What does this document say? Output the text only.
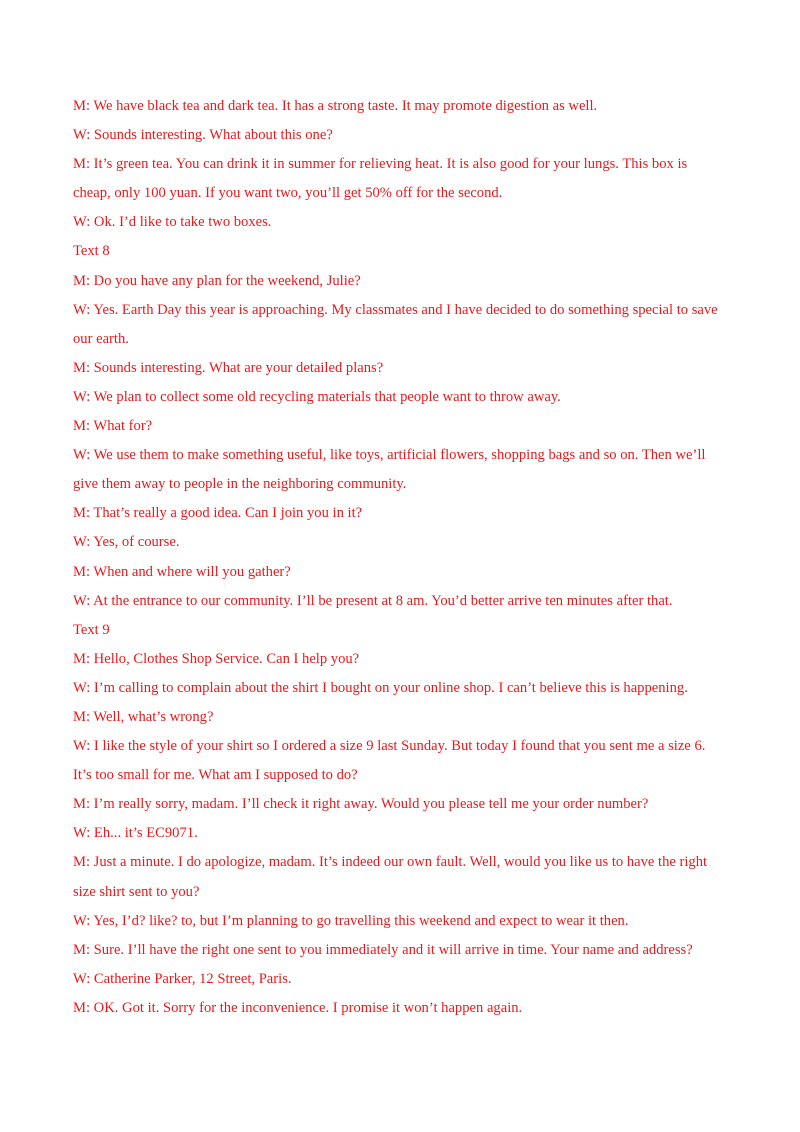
M: We have black tea and dark tea. It has a strong taste. It may promote digestion as well.

W: Sounds interesting. What about this one?

M: It’s green tea. You can drink it in summer for relieving heat. It is also good for your lungs. This box is

cheap, only 100 yuan. If you want two, you’ll get 50% off for the second.

W: Ok. I’d like to take two boxes.

Text 8

M: Do you have any plan for the weekend, Julie?

W: Yes. Earth Day this year is approaching. My classmates and I have decided to do something special to save

our earth.

M: Sounds interesting. What are your detailed plans?

W: We plan to collect some old recycling materials that people want to throw away.

M: What for?

W: We use them to make something useful, like toys, artificial flowers, shopping bags and so on. Then we’ll

give them away to people in the neighboring community.

M: That’s really a good idea. Can I join you in it?

W: Yes, of course.

M: When and where will you gather?

W: At the entrance to our community. I’ll be present at 8 am. You’d better arrive ten minutes after that.

Text 9

M: Hello, Clothes Shop Service. Can I help you?

W: I’m calling to complain about the shirt I bought on your online shop. I can’t believe this is happening.

M: Well, what’s wrong?

W: I like the style of your shirt so I ordered a size 9 last Sunday. But today I found that you sent me a size 6.

It’s too small for me. What am I supposed to do?

M: I’m really sorry, madam. I’ll check it right away. Would you please tell me your order number?

W: Eh... it’s EC9071.

M: Just a minute. I do apologize, madam. It’s indeed our own fault. Well, would you like us to have the right

size shirt sent to you?

W: Yes, I’d? like? to, but I’m planning to go travelling this weekend and expect to wear it then.

M: Sure. I’ll have the right one sent to you immediately and it will arrive in time. Your name and address?

W: Catherine Parker, 12 Street, Paris.

M: OK. Got it. Sorry for the inconvenience. I promise it won’t happen again.
